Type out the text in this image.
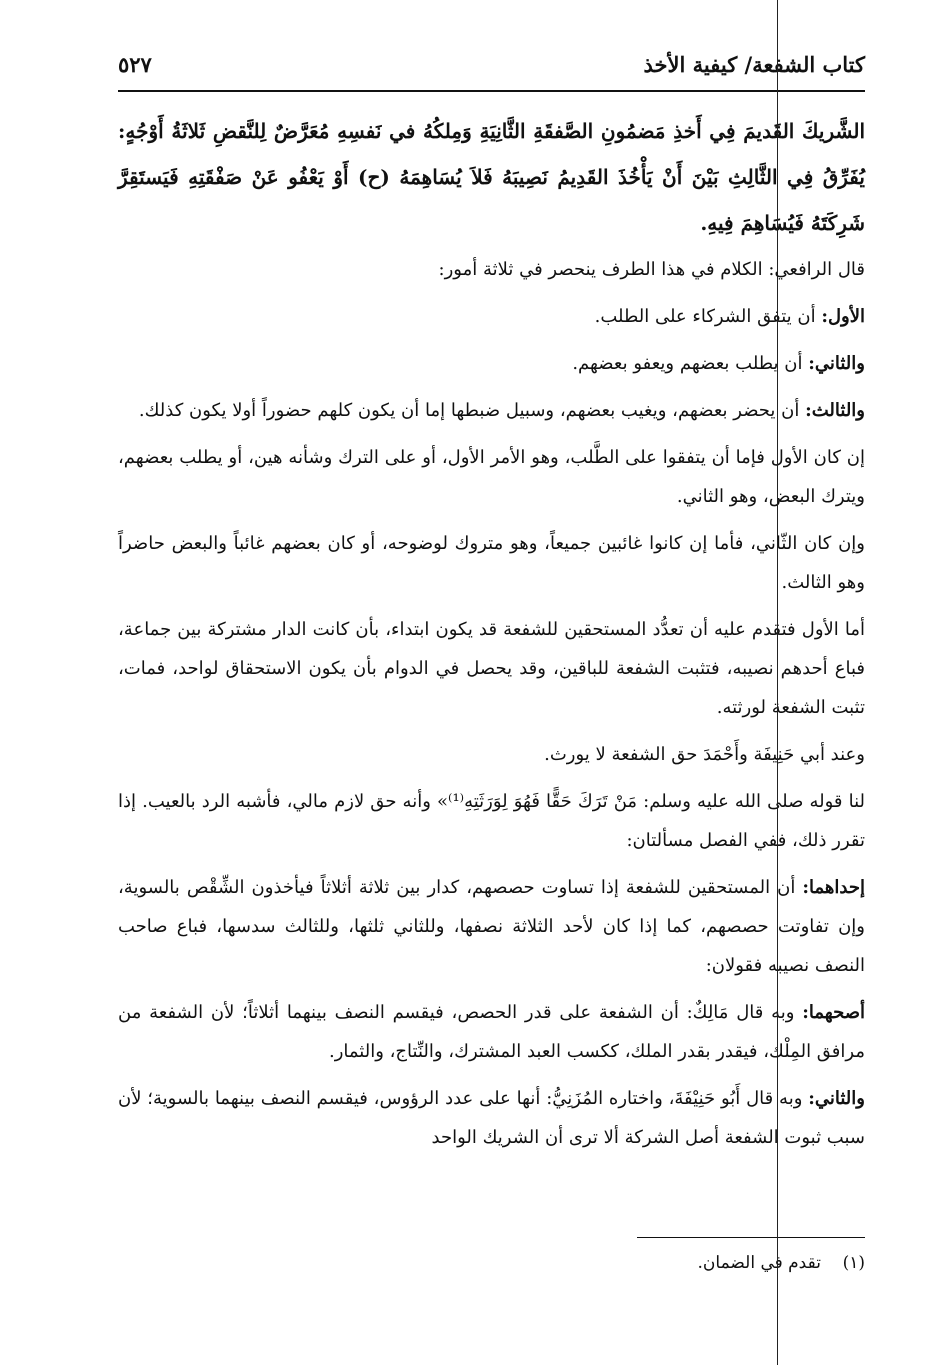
كتاب الشفعة/ كيفية الأخذ
٥٢٧

الشَّريكَ القَديمَ فِي أَخذِ مَضمُونِ الصَّفقَةِ الثَّانِيَةِ وَمِلكُهُ في نَفسِهِ مُعَرَّضٌ لِلنَّقضِ ثَلاثَةُ أَوْجُهٍ: يُفَرِّقُ فِي الثَّالِثِ بَيْنَ أَنْ يَأْخُذَ القَدِيمُ نَصِيبَهُ فَلاَ يُسَاهِمَهُ (ح) أَوْ يَعْفُو عَنْ صَفْقَتِهِ فَيَستَقِرَّ شَرِكَتَهُ فَيُسَاهِمَ فِيهِ.

قال الرافعي: الكلام في هذا الطرف ينحصر في ثلاثة أمور:

الأول: أن يتفق الشركاء على الطلب.

والثاني: أن يطلب بعضهم ويعفو بعضهم.

والثالث: أن يحضر بعضهم، ويغيب بعضهم، وسبيل ضبطها إما أن يكون كلهم حضوراً أولا يكون كذلك.

إن كان الأول فإما أن يتفقوا على الطَّلب، وهو الأمر الأول، أو على الترك وشأنه هين، أو يطلب بعضهم، ويترك البعض، وهو الثاني.

وإن كان الثّاني، فأما إن كانوا غائبين جميعاً، وهو متروك لوضوحه، أو كان بعضهم غائباً والبعض حاضراً وهو الثالث.

أما الأول فتقدم عليه أن تعدُّد المستحقين للشفعة قد يكون ابتداء، بأن كانت الدار مشتركة بين جماعة، فباع أحدهم نصيبه، فتثبت الشفعة للباقين، وقد يحصل في الدوام بأن يكون الاستحقاق لواحد، فمات، تثبت الشفعة لورثته.

وعند أبي حَنِيفَة وأَحْمَدَ حق الشفعة لا يورث.

لنا قوله صلى الله عليه وسلم: مَنْ تَرَكَ حَقًّا فَهُوَ لِوَرَثَتِهِ⁽¹⁾» وأنه حق لازم مالي، فأشبه الرد بالعيب. إذا تقرر ذلك، ففي الفصل مسألتان:

إحداهما: أن المستحقين للشفعة إذا تساوت حصصهم، كدار بين ثلاثة أثلاثاً فيأخذون الشِّقْص بالسوية، وإن تفاوتت حصصهم، كما إذا كان لأحد الثلاثة نصفها، وللثاني ثلثها، وللثالث سدسها، فباع صاحب النصف نصيبه فقولان:

أصحهما: وبه قال مَالِكٌ: أن الشفعة على قدر الحصص، فيقسم النصف بينهما أثلاثاً؛ لأن الشفعة من مرافق المِلْك، فيقدر بقدر الملك، ككسب العبد المشترك، والنِّتاج، والثمار.

والثاني: وبه قال أَبُو حَنِيْفَةَ، واختاره المُزَنِيُّ: أنها على عدد الرؤوس، فيقسم النصف بينهما بالسوية؛ لأن سبب ثبوت الشفعة أصل الشركة ألا ترى أن الشريك الواحد

(١)    تقدم في الضمان.
